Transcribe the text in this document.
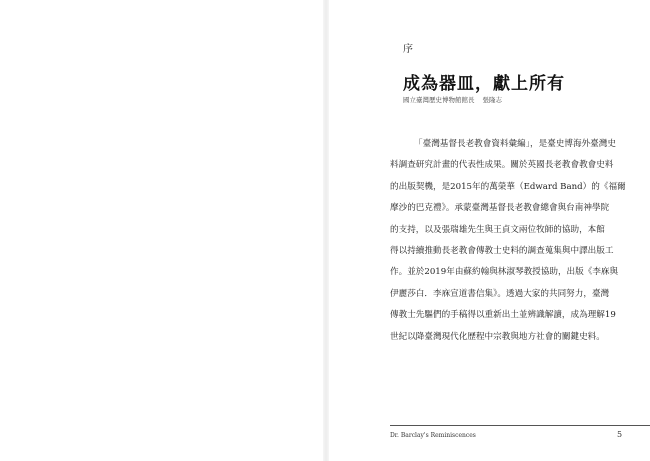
序
成為器皿，獻上所有
國立臺灣歷史博物館館長 張隆志
「臺灣基督長老教會資料彙編」，是臺史博海外臺灣史
料調查研究計畫的代表性成果。關於英國長老教會教會史料
的出版契機，是2015年的萬榮華（Edward Band）的《福爾
摩沙的巴克禮》。承蒙臺灣基督長老教會總會與台南神學院
的支持，以及張瑞雄先生與王貞文兩位牧師的協助，本館
得以持續推動長老教會傳教士史料的調查蒐集與中譯出版工
作。並於2019年由蘇約翰與林淑琴教授協助，出版《李庥與
伊麗莎白．李庥宣道書信集》。透過大家的共同努力，臺灣
傳教士先驅們的手稿得以重新出土並辨識解讀，成為理解19
世紀以降臺灣現代化歷程中宗教與地方社會的關鍵史料。
Dr. Barclay's Reminiscences	5
